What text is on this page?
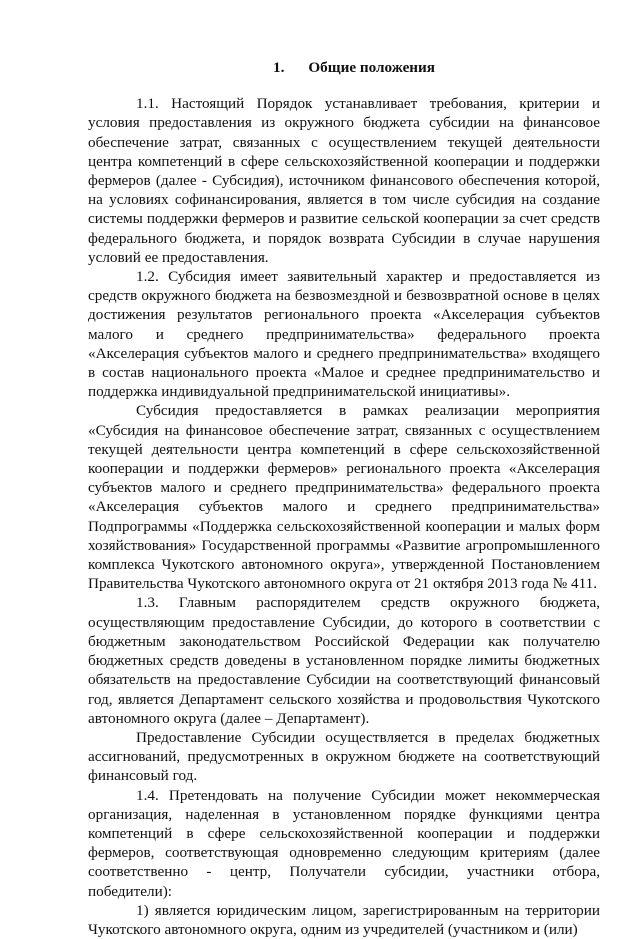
1. Общие положения

1.1. Настоящий Порядок устанавливает требования, критерии и условия предоставления из окружного бюджета субсидии на финансовое обеспечение затрат, связанных с осуществлением текущей деятельности центра компетенций в сфере сельскохозяйственной кооперации и поддержки фермеров (далее - Субсидия), источником финансового обеспечения которой, на условиях софинансирования, является в том числе субсидия на создание системы поддержки фермеров и развитие сельской кооперации за счет средств федерального бюджета, и порядок возврата Субсидии в случае нарушения условий ее предоставления.

1.2. Субсидия имеет заявительный характер и предоставляется из средств окружного бюджета на безвозмездной и безвозвратной основе в целях достижения результатов регионального проекта «Акселерация субъектов малого и среднего предпринимательства» федерального проекта «Акселерация субъектов малого и среднего предпринимательства» входящего в состав национального проекта «Малое и среднее предпринимательство и поддержка индивидуальной предпринимательской инициативы».

Субсидия предоставляется в рамках реализации мероприятия «Субсидия на финансовое обеспечение затрат, связанных с осуществлением текущей деятельности центра компетенций в сфере сельскохозяйственной кооперации и поддержки фермеров» регионального проекта «Акселерация субъектов малого и среднего предпринимательства» федерального проекта «Акселерация субъектов малого и среднего предпринимательства» Подпрограммы «Поддержка сельскохозяйственной кооперации и малых форм хозяйствования» Государственной программы «Развитие агропромышленного комплекса Чукотского автономного округа», утвержденной Постановлением Правительства Чукотского автономного округа от 21 октября 2013 года № 411.

1.3. Главным распорядителем средств окружного бюджета, осуществляющим предоставление Субсидии, до которого в соответствии с бюджетным законодательством Российской Федерации как получателю бюджетных средств доведены в установленном порядке лимиты бюджетных обязательств на предоставление Субсидии на соответствующий финансовый год, является Департамент сельского хозяйства и продовольствия Чукотского автономного округа (далее – Департамент).

Предоставление Субсидии осуществляется в пределах бюджетных ассигнований, предусмотренных в окружном бюджете на соответствующий финансовый год.

1.4. Претендовать на получение Субсидии может некоммерческая организация, наделенная в установленном порядке функциями центра компетенций в сфере сельскохозяйственной кооперации и поддержки фермеров, соответствующая одновременно следующим критериям (далее соответственно - центр, Получатели субсидии, участники отбора, победители):

1) является юридическим лицом, зарегистрированным на территории Чукотского автономного округа, одним из учредителей (участником и (или)
